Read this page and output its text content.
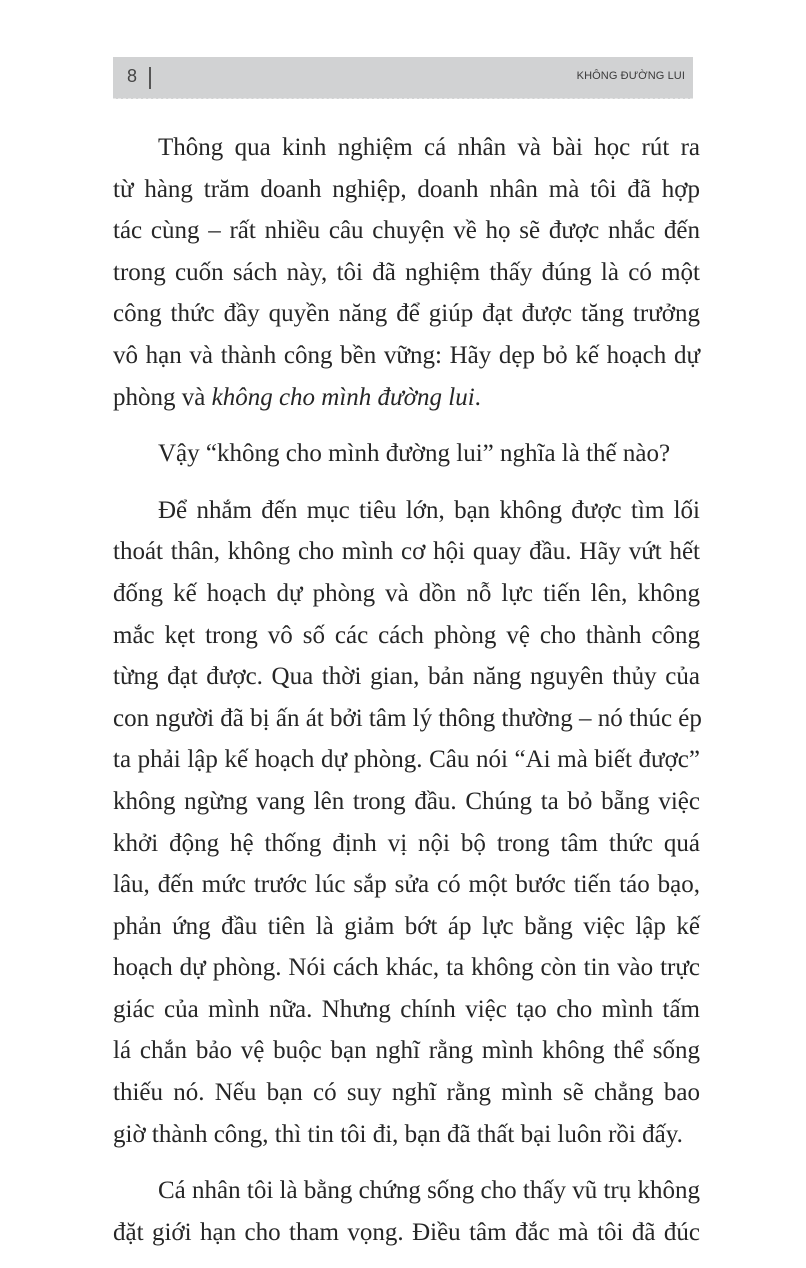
8	KHÔNG ĐƯỜNG LUI
Thông qua kinh nghiệm cá nhân và bài học rút ra
từ hàng trăm doanh nghiệp, doanh nhân mà tôi đã hợp
tác cùng – rất nhiều câu chuyện về họ sẽ được nhắc đến
trong cuốn sách này, tôi đã nghiệm thấy đúng là có một
công thức đầy quyền năng để giúp đạt được tăng trưởng
vô hạn và thành công bền vững: Hãy dẹp bỏ kế hoạch dự
phòng và không cho mình đường lui.
Vậy “không cho mình đường lui” nghĩa là thế nào?
Để nhắm đến mục tiêu lớn, bạn không được tìm lối
thoát thân, không cho mình cơ hội quay đầu. Hãy vứt hết
đống kế hoạch dự phòng và dồn nỗ lực tiến lên, không
mắc kẹt trong vô số các cách phòng vệ cho thành công
từng đạt được. Qua thời gian, bản năng nguyên thủy của
con người đã bị ấn át bởi tâm lý thông thường – nó thúc ép
ta phải lập kế hoạch dự phòng. Câu nói “Ai mà biết được”
không ngừng vang lên trong đầu. Chúng ta bỏ bẵng việc
khởi động hệ thống định vị nội bộ trong tâm thức quá
lâu, đến mức trước lúc sắp sửa có một bước tiến táo bạo,
phản ứng đầu tiên là giảm bớt áp lực bằng việc lập kế
hoạch dự phòng. Nói cách khác, ta không còn tin vào trực
giác của mình nữa. Nhưng chính việc tạo cho mình tấm
lá chắn bảo vệ buộc bạn nghĩ rằng mình không thể sống
thiếu nó. Nếu bạn có suy nghĩ rằng mình sẽ chẳng bao
giờ thành công, thì tin tôi đi, bạn đã thất bại luôn rồi đấy.
Cá nhân tôi là bằng chứng sống cho thấy vũ trụ không
đặt giới hạn cho tham vọng. Điều tâm đắc mà tôi đã đúc
